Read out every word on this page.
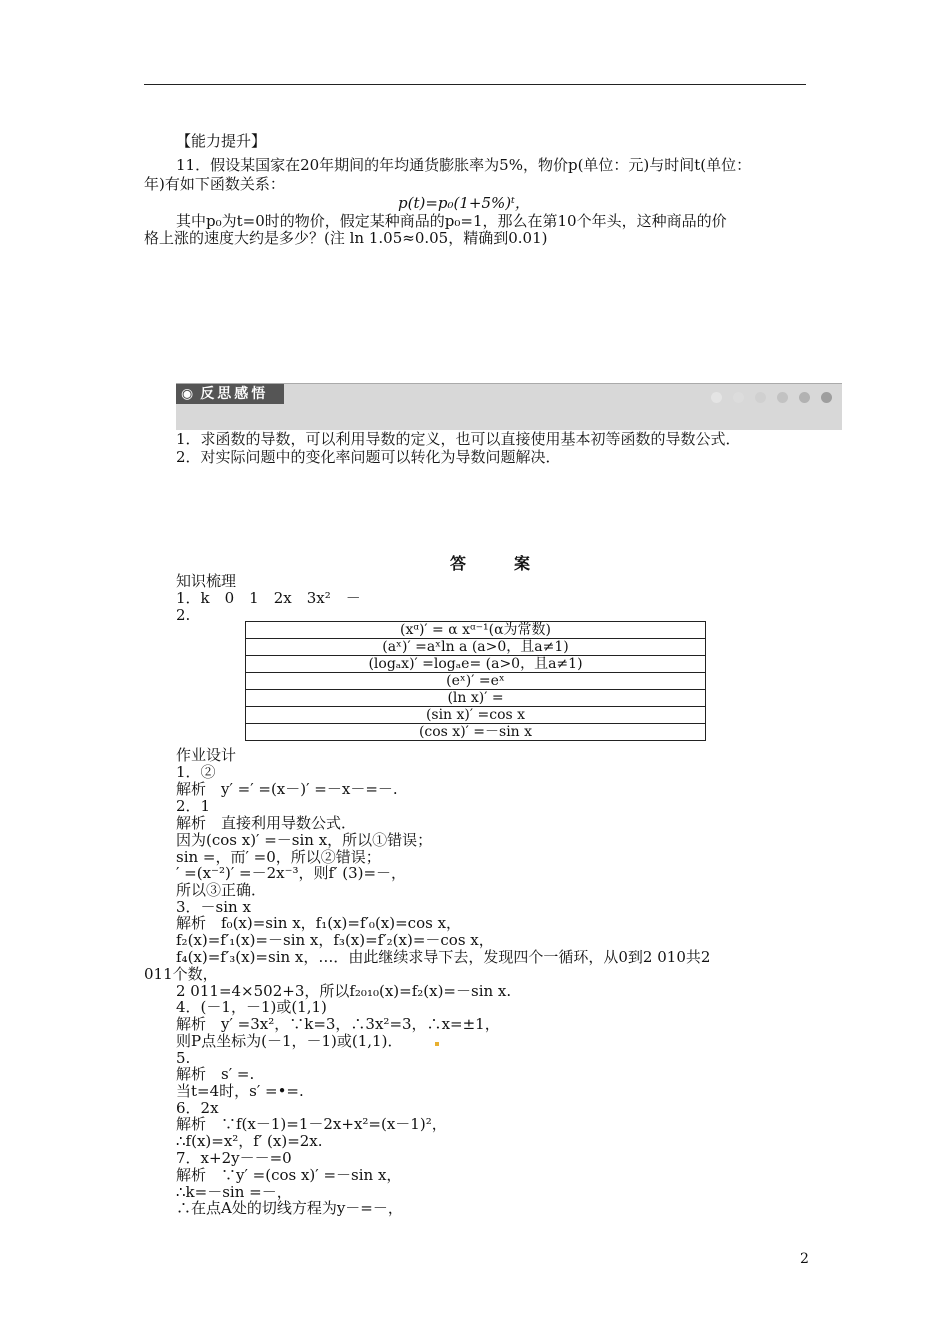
【能力提升】
11．假设某国家在20年期间的年均通货膨胀率为5%，物价p(单位：元)与时间t(单位：
年)有如下函数关系：
p(t)=p₀(1+5%)ᵗ，
其中p₀为t=0时的物价，假定某种商品的p₀=1，那么在第10个年头，这种商品的价
格上涨的速度大约是多少？(注 ln 1.05≈0.05，精确到0.01)
◉ 反思感悟
1．求函数的导数，可以利用导数的定义，也可以直接使用基本初等函数的导数公式．
2．对实际问题中的变化率问题可以转化为导数问题解决．
答案
知识梳理
1．k　0　1　2x　3x²　－
2.
(xᵅ)′ = α xᵅ⁻¹(α为常数)
(aˣ)′ =aˣln a (a>0，且a≠1)
(logₐx)′ =logₐe= (a>0，且a≠1)
(eˣ)′ =eˣ
(ln x)′ =
(sin x)′ =cos x
(cos x)′ =－sin x
作业设计
1．②
解析　y′ =′ =(x－)′ =－x－=－.
2．1
解析　直接利用导数公式．
因为(cos x)′ =－sin x，所以①错误；
sin =，而′ =0，所以②错误；
′ =(x⁻²)′ =－2x⁻³，则f′ (3)=－，
所以③正确．
3．－sin x
解析　f₀(x)=sin x，f₁(x)=f′₀(x)=cos x，
f₂(x)=f′₁(x)=－sin x，f₃(x)=f′₂(x)=－cos x，
f₄(x)=f′₃(x)=sin x，…．由此继续求导下去，发现四个一循环，从0到2 010共2
011个数，
2 011=4×502+3，所以f₂₀₁₀(x)=f₂(x)=－sin x.
4．(－1，－1)或(1,1)
解析　y′ =3x²，∵k=3，∴3x²=3，∴x=±1，
则P点坐标为(－1，－1)或(1,1)．
5.
解析　s′ =.
当t=4时，s′ =•=.
6．2x
解析　∵f(x－1)=1－2x+x²=(x－1)²，
∴f(x)=x²，f′ (x)=2x.
7．x+2y－－=0
解析　∵y′ =(cos x)′ =－sin x，
∴k=－sin =－，
∴在点A处的切线方程为y－=－，
2
